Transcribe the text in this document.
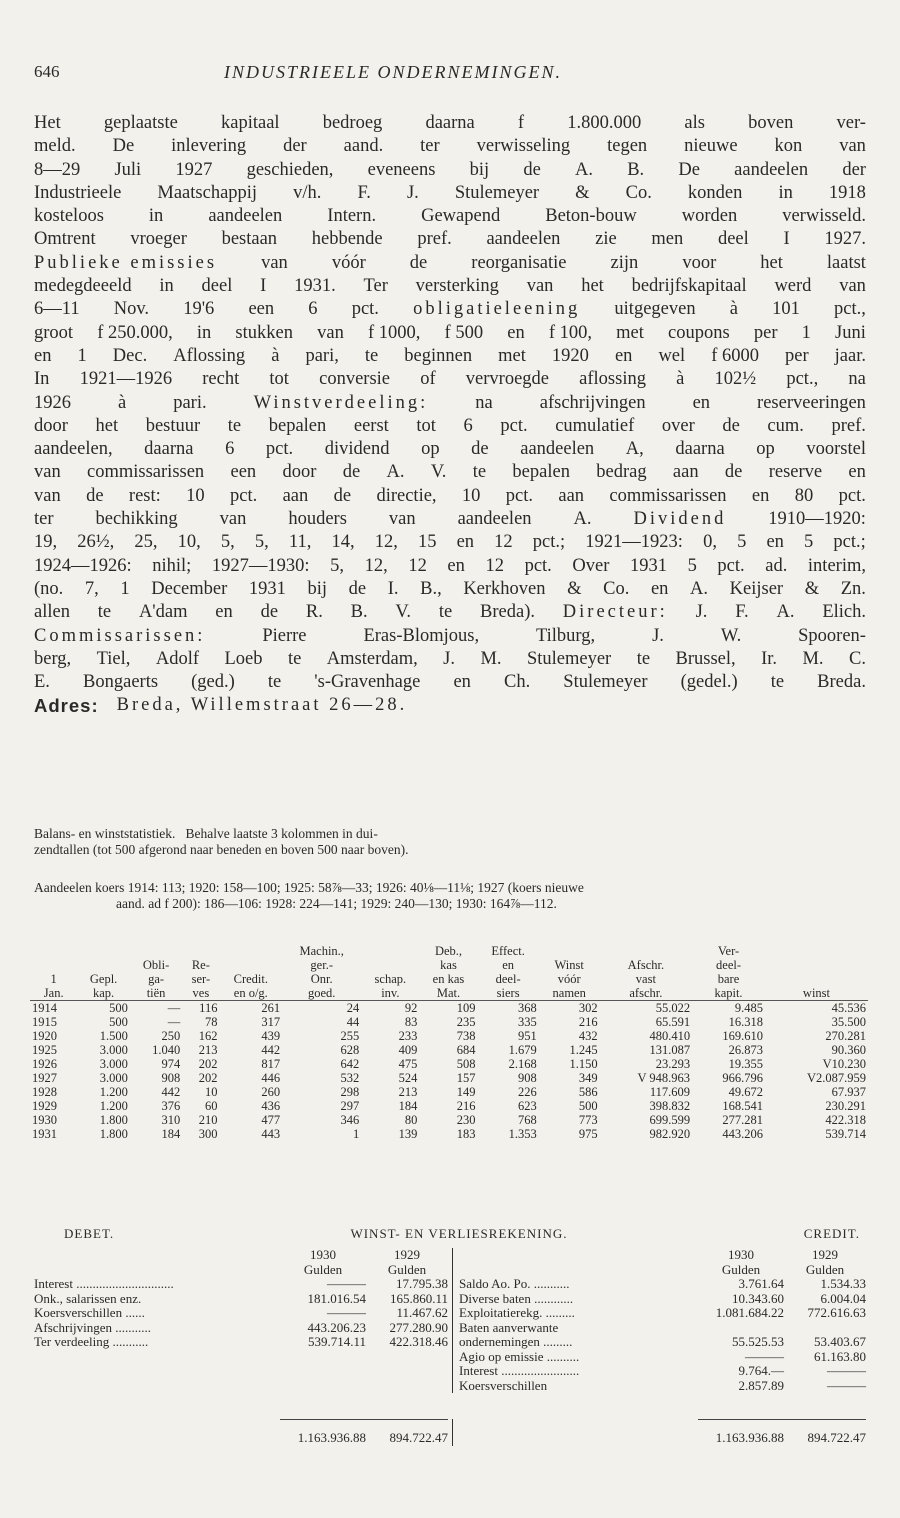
646	INDUSTRIEELE ONDERNEMINGEN.
Het geplaatste kapitaal bedroeg daarna f 1.800.000 als boven ver-
meld. De inlevering der aand. ter verwisseling tegen nieuwe kon van
8—29 Juli 1927 geschieden, eveneens bij de A. B. De aandeelen der
Industrieele Maatschappij v/h. F. J. Stulemeyer & Co. konden in 1918
kosteloos in aandeelen Intern. Gewapend Beton-bouw worden verwisseld.
Omtrent vroeger bestaan hebbende pref. aandeelen zie men deel I 1927.
Publieke emissies van vóór de reorganisatie zijn voor het laatst
medegdeeeld in deel I 1931. Ter versterking van het bedrijfskapitaal werd van
6—11 Nov. 19'6 een 6 pct. obligatieleening uitgegeven à 101 pct.,
groot f 250.000, in stukken van f 1000, f 500 en f 100, met coupons per 1 Juni
en 1 Dec. Aflossing à pari, te beginnen met 1920 en wel f 6000 per jaar.
In 1921—1926 recht tot conversie of vervroegde aflossing à 102½ pct., na
1926	à	pari.	Winstverdeeling:	na	afschrijvingen	en	reserveeringen
door het bestuur te bepalen eerst tot 6 pct. cumulatief over de cum. pref.
aandeelen, daarna 6 pct. dividend op de aandeelen A, daarna op voorstel
van commissarissen een door de A. V. te bepalen bedrag aan de reserve en
van de rest: 10 pct. aan de directie, 10 pct. aan commissarissen en 80 pct.
ter bechikking van houders van aandeelen A. Dividend 1910—1920:
19, 26½, 25, 10, 5, 5, 11, 14, 12, 15 en 12 pct.; 1921—1923: 0, 5 en 5 pct.;
1924—1926: nihil; 1927—1930: 5, 12, 12 en 12 pct. Over 1931 5 pct. ad. interim,
(no. 7, 1 December 1931 bij de I. B., Kerkhoven & Co. en A. Keijser & Zn.
allen te A'dam en de R. B. V. te Breda). Directeur: J. F. A. Elich.
Commissarissen:	Pierre	Eras-Blomjous,	Tilburg,	J.	W.	Spooren-
berg, Tiel, Adolf Loeb te Amsterdam, J. M. Stulemeyer te Brussel, Ir. M. C.
E. Bongaerts (ged.) te 's-Gravenhage en Ch. Stulemeyer (gedel.) te Breda.
Adres: Breda, Willemstraat 26—28.
Balans- en winststatistiek.   Behalve laatste 3 kolommen in dui-
zendtallen (tot 500 afgerond naar beneden en boven 500 naar boven).
Aandeelen koers 1914: 113; 1920: 158—100; 1925: 58⅞—33; 1926: 40⅛—11⅛; 1927 (koers nieuwe
aand. ad f 200): 186—106: 1928: 224—141; 1929: 240—130; 1930: 164⅞—112.
					Machin.,		Deb.,	Effect.			Ver-	
		Obli-	Re-		ger.-		kas	en	Winst	Afschr.	deel-	
1	Gepl.	ga-	ser-	Credit.	Onr.	schap.	en kas	deel-	vóór	vast	bare	
Jan.	kap.	tiën	ves	en o/g.	goed.	inv.	Mat.	siers	namen	afschr.	kapit.	winst
1914	500	—	116	261	24	92	109	368	302	55.022	9.485	45.536
1915	500	—	78	317	44	83	235	335	216	65.591	16.318	35.500
1920	1.500	250	162	439	255	233	738	951	432	480.410	169.610	270.281
1925	3.000	1.040	213	442	628	409	684	1.679	1.245	131.087	26.873	90.360
1926	3.000	974	202	817	642	475	508	2.168	1.150	23.293	19.355	V10.230
1927	3.000	908	202	446	532	524	157	908	349	V 948.963	966.796	V2.087.959
1928	1.200	442	10	260	298	213	149	226	586	117.609	49.672	67.937
1929	1.200	376	60	436	297	184	216	623	500	398.832	168.541	230.291
1930	1.800	310	210	477	346	80	230	768	773	699.599	277.281	422.318
1931	1.800	184	300	443	1	139	183	1.353	975	982.920	443.206	539.714
DEBET.	WINST- EN VERLIESREKENING.	CREDIT.
1930	1929
Gulden	Gulden
Interest ..............................	———	17.795.38
Onk., salarissen enz.	181.016.54	165.860.11
Koersverschillen ......	———	11.467.62
Afschrijvingen ...........	443.206.23	277.280.90
Ter verdeeling ...........	539.714.11	422.318.46
1930	1929
Gulden	Gulden
Saldo Ao. Po. ...........	3.761.64	1.534.33
Diverse baten ............	10.343.60	6.004.04
Exploitatierekg. .........	1.081.684.22	772.616.63
Baten aanverwante
ondernemingen .........	55.525.53	53.403.67
Agio op emissie ..........	———	61.163.80
Interest ........................	9.764.—	———
Koersverschillen	2.857.89	———
1.163.936.88	894.722.47	1.163.936.88	894.722.47
